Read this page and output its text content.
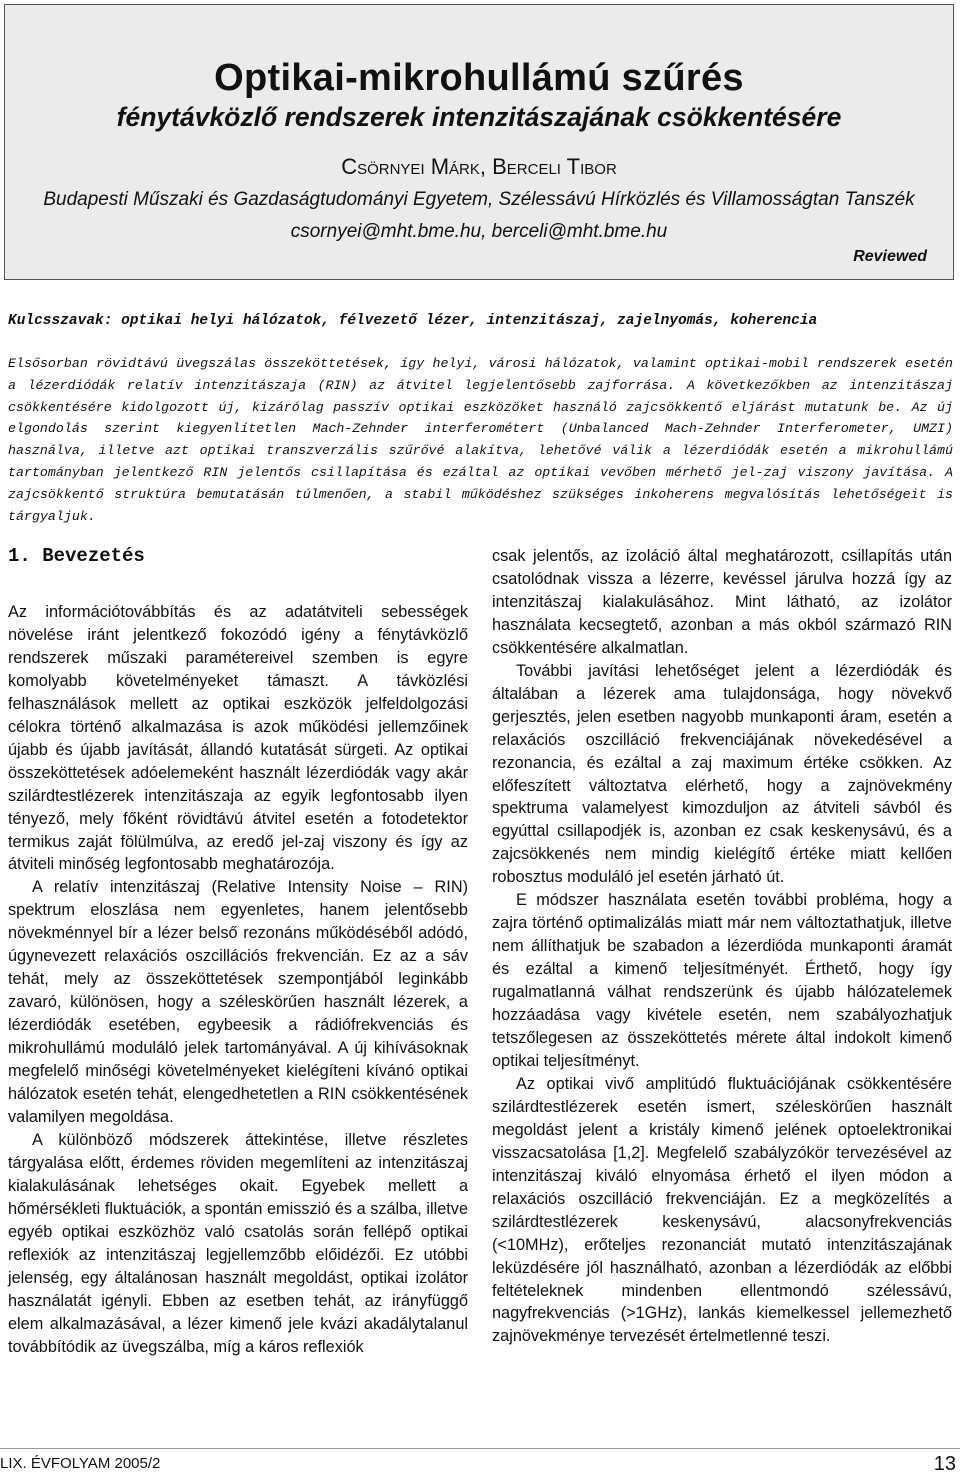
Optikai-mikrohullámú szűrés
fénytávközlő rendszerek intenzitászajának csökkentésére
Csörnyei Márk, Berceli Tibor
Budapesti Műszaki és Gazdaságtudományi Egyetem, Szélessávú Hírközlés és Villamosságtan Tanszék
csornyei@mht.bme.hu, berceli@mht.bme.hu
Reviewed
Kulcsszavak: optikai helyi hálózatok, félvezető lézer, intenzitászaj, zajelnyomás, koherencia
Elsősorban rövidtávú üvegszálas összeköttetések, így helyi, városi hálózatok, valamint optikai-mobil rendszerek esetén a lézerdiódák relatív intenzitászaja (RIN) az átvitel legjelentősebb zajforrása. A következőkben az intenzitászaj csökkentésére kidolgozott új, kizárólag passzív optikai eszközöket használó zajcsökkentő eljárást mutatunk be. Az új elgondolás szerint kiegyenlítetlen Mach-Zehnder interferométert (Unbalanced Mach-Zehnder Interferometer, UMZI) használva, illetve azt optikai transzverzális szűrővé alakítva, lehetővé válik a lézerdiódák esetén a mikrohullámú tartományban jelentkező RIN jelentős csillapítása és ezáltal az optikai vevőben mérhető jel-zaj viszony javítása. A zajcsökkentő struktúra bemutatásán túlmenően, a stabil működéshez szükséges inkoherens megvalósítás lehetőségeit is tárgyaljuk.
1. Bevezetés

Az információtovábbítás és az adatátviteli sebességek növelése iránt jelentkező fokozódó igény a fénytávközlő rendszerek műszaki paramétereivel szemben is egyre komolyabb követelményeket támaszt. A távközlési felhasználások mellett az optikai eszközök jelfeldolgozási célokra történő alkalmazása is azok működési jellemzőinek újabb és újabb javítását, állandó kutatását sürgeti. Az optikai összeköttetések adóelemeként használt lézerdiódák vagy akár szilárdtestlézerek intenzitászaja az egyik legfontosabb ilyen tényező, mely főként rövidtávú átvitel esetén a fotodetektor termikus zaját fölülmúlva, az eredő jel-zaj viszony és így az átviteli minőség legfontosabb meghatározója.

A relatív intenzitászaj (Relative Intensity Noise – RIN) spektrum eloszlása nem egyenletes, hanem jelentősebb növekménnyel bír a lézer belső rezonáns működéséből adódó, úgynevezett relaxációs oszcillációs frekvencián. Ez az a sáv tehát, mely az összeköttetések szempontjából leginkább zavaró, különösen, hogy a széleskörűen használt lézerek, a lézerdiódák esetében, egybeesik a rádiófrekvenciás és mikrohullámú moduláló jelek tartományával. A új kihívásoknak megfelelő minőségi követelményeket kielégíteni kívánó optikai hálózatok esetén tehát, elengedhetetlen a RIN csökkentésének valamilyen megoldása.

A különböző módszerek áttekintése, illetve részletes tárgyalása előtt, érdemes röviden megemlíteni az intenzitászaj kialakulásának lehetséges okait. Egyebek mellett a hőmérsékleti fluktuációk, a spontán emisszió és a szálba, illetve egyéb optikai eszközhöz való csatolás során fellépő optikai reflexiók az intenzitászaj legjellemzőbb előidézői. Ez utóbbi jelenség, egy általánosan használt megoldást, optikai izolátor használatát igényli. Ebben az esetben tehát, az irányfüggő elem alkalmazásával, a lézer kimenő jele kvázi akadálytalanul továbbítódik az üvegszálba, míg a káros reflexiók

csak jelentős, az izoláció által meghatározott, csillapítás után csatolódnak vissza a lézerre, kevéssel járulva hozzá így az intenzitászaj kialakulásához. Mint látható, az izolátor használata kecsegtető, azonban a más okból származó RIN csökkentésére alkalmatlan.

További javítási lehetőséget jelent a lézerdiódák és általában a lézerek ama tulajdonsága, hogy növekvő gerjesztés, jelen esetben nagyobb munkaponti áram, esetén a relaxációs oszcilláció frekvenciájának növekedésével a rezonancia, és ezáltal a zaj maximum értéke csökken. Az előfeszített változtatva elérhető, hogy a zajnövekmény spektruma valamelyest kimozduljon az átviteli sávból és egyúttal csillapodjék is, azonban ez csak keskenysávú, és a zajcsökkenés nem mindig kielégítő értéke miatt kellően robosztus moduláló jel esetén járható út.

E módszer használata esetén további probléma, hogy a zajra történő optimalizálás miatt már nem változtathatjuk, illetve nem állíthatjuk be szabadon a lézerdióda munkaponti áramát és ezáltal a kimenő teljesítményét. Érthető, hogy így rugalmatlanná válhat rendszerünk és újabb hálózatelemek hozzáadása vagy kivétele esetén, nem szabályozhatjuk tetszőlegesen az összeköttetés mérete által indokolt kimenő optikai teljesítményt.

Az optikai vivő amplitúdó fluktuációjának csökkentésére szilárdtestlézerek esetén ismert, széleskörűen használt megoldást jelent a kristály kimenő jelének optoelektronikai visszacsatolása [1,2]. Megfelelő szabályzókör tervezésével az intenzitászaj kiváló elnyomása érhető el ilyen módon a relaxációs oszcilláció frekvenciáján. Ez a megközelítés a szilárdtestlézerek keskenysávú, alacsonyfrekvenciás (<10MHz), erőteljes rezonanciát mutató intenzitászajának leküzdésére jól használható, azonban a lézerdiódák az előbbi feltételeknek mindenben ellentmondó szélessávú, nagyfrekvenciás (>1GHz), lankás kiemelkessel jellemezhető zajnövekménye tervezését értelmetlenné teszi.

LIX. ÉVFOLYAM 2005/2	13
